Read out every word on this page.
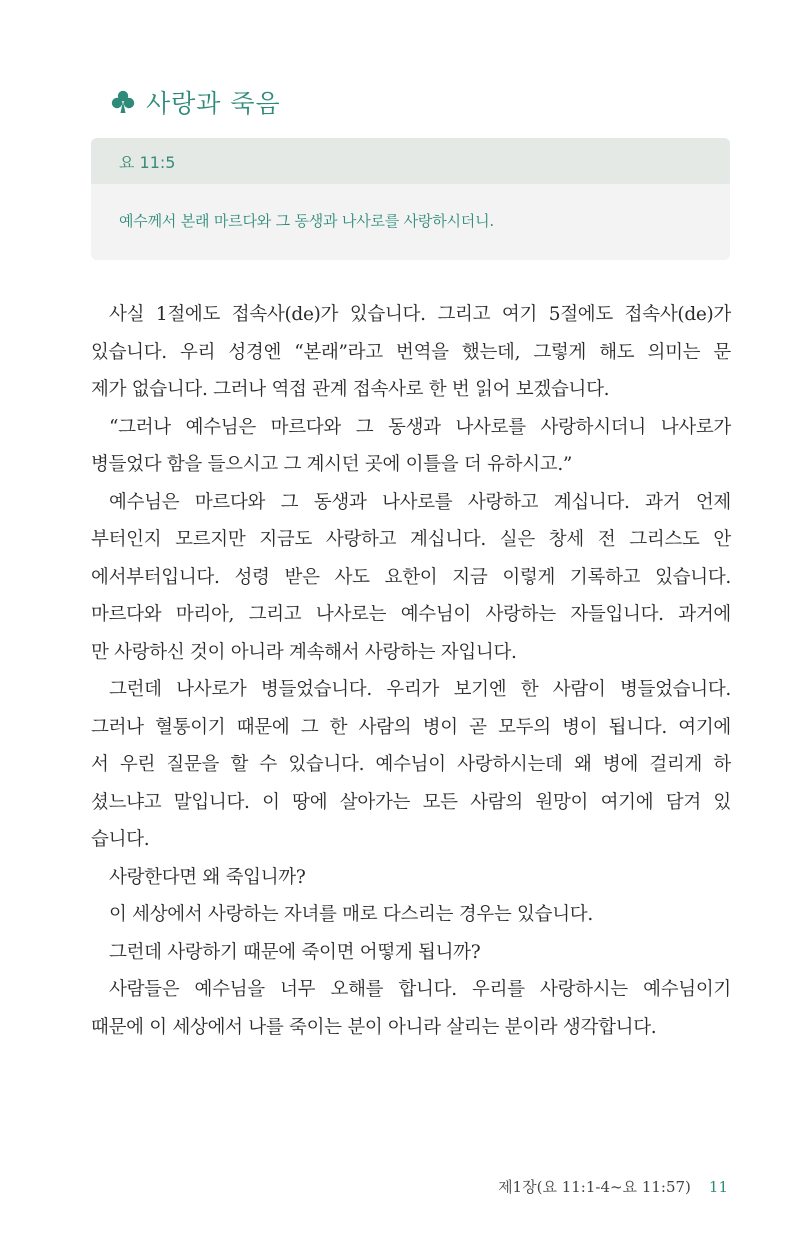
사랑과 죽음
요 11:5
예수께서 본래 마르다와 그 동생과 나사로를 사랑하시더니.
사실 1절에도 접속사(de)가 있습니다. 그리고 여기 5절에도 접속사(de)가
있습니다. 우리 성경엔 “본래”라고 번역을 했는데, 그렇게 해도 의미는 문
제가 없습니다. 그러나 역접 관계 접속사로 한 번 읽어 보겠습니다.
“그러나 예수님은 마르다와 그 동생과 나사로를 사랑하시더니 나사로가
병들었다 함을 들으시고 그 계시던 곳에 이틀을 더 유하시고.”
예수님은 마르다와 그 동생과 나사로를 사랑하고 계십니다. 과거 언제
부터인지 모르지만 지금도 사랑하고 계십니다. 실은 창세 전 그리스도 안
에서부터입니다. 성령 받은 사도 요한이 지금 이렇게 기록하고 있습니다.
마르다와 마리아, 그리고 나사로는 예수님이 사랑하는 자들입니다. 과거에
만 사랑하신 것이 아니라 계속해서 사랑하는 자입니다.
그런데 나사로가 병들었습니다. 우리가 보기엔 한 사람이 병들었습니다.
그러나 혈통이기 때문에 그 한 사람의 병이 곧 모두의 병이 됩니다. 여기에
서 우린 질문을 할 수 있습니다. 예수님이 사랑하시는데 왜 병에 걸리게 하
셨느냐고 말입니다. 이 땅에 살아가는 모든 사람의 원망이 여기에 담겨 있
습니다.
사랑한다면 왜 죽입니까?
이 세상에서 사랑하는 자녀를 매로 다스리는 경우는 있습니다.
그런데 사랑하기 때문에 죽이면 어떻게 됩니까?
사람들은 예수님을 너무 오해를 합니다. 우리를 사랑하시는 예수님이기
때문에 이 세상에서 나를 죽이는 분이 아니라 살리는 분이라 생각합니다.
제1장(요 11:1-4~요 11:57) 11
